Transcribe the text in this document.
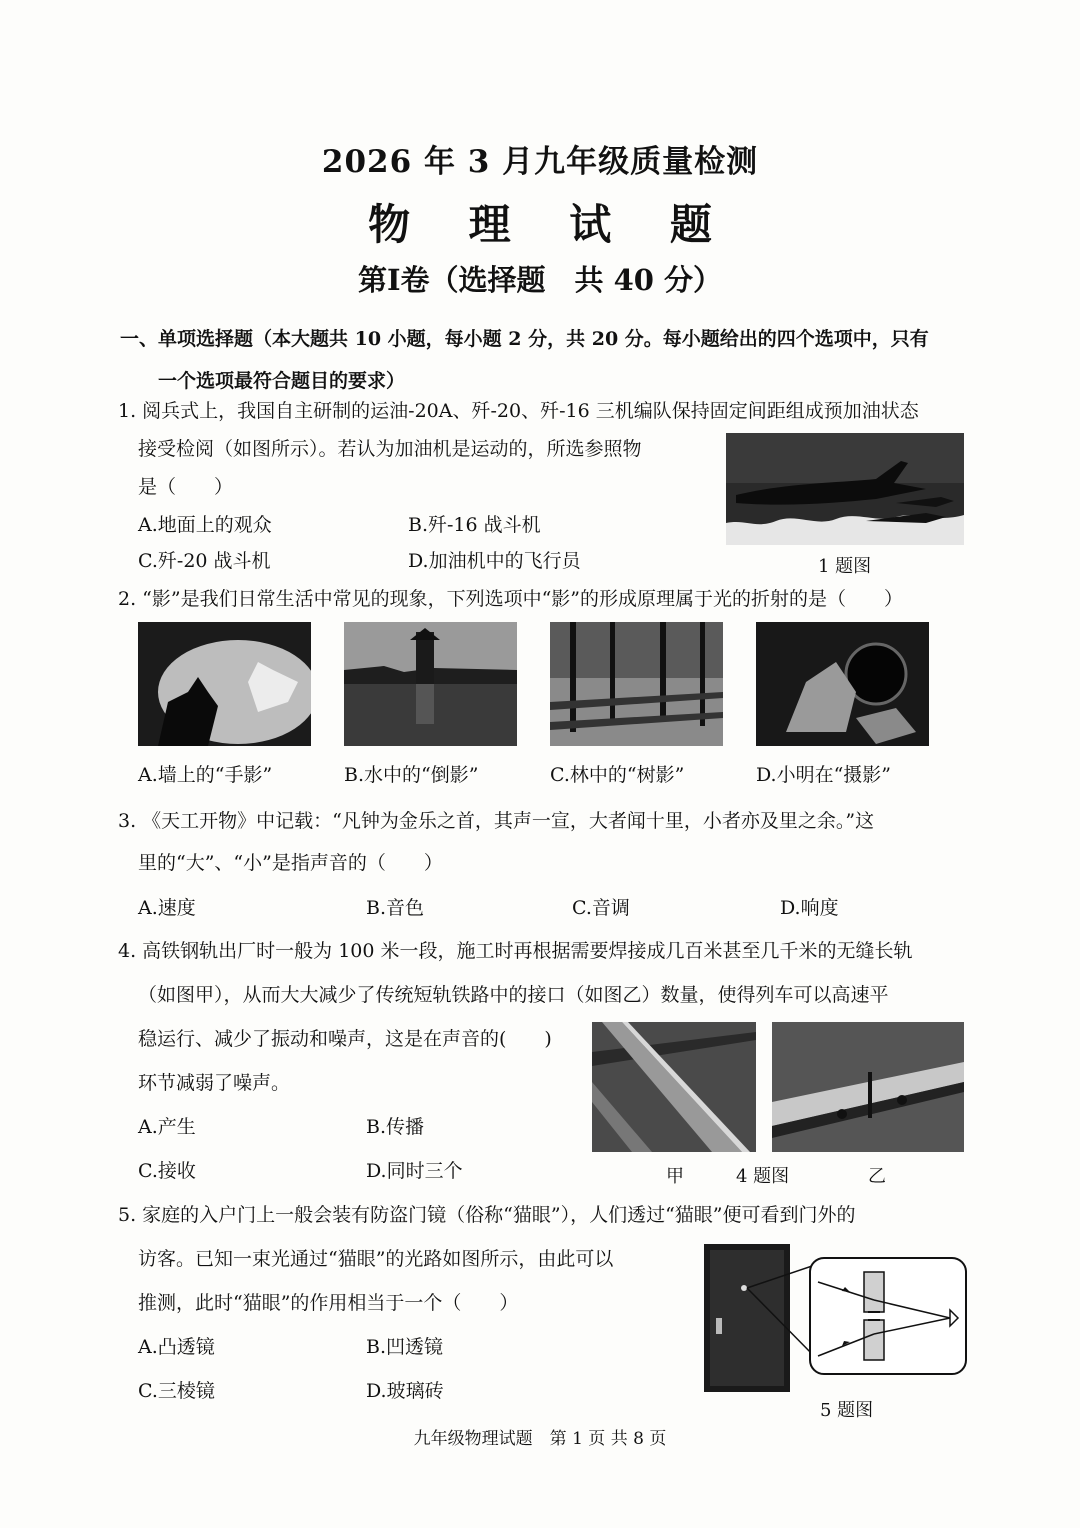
2026 年 3 月九年级质量检测
物 理 试 题
第Ⅰ卷（选择题　共 40 分）
一、单项选择题（本大题共 10 小题，每小题 2 分，共 20 分。每小题给出的四个选项中，只有
一个选项最符合题目的要求）
1. 阅兵式上，我国自主研制的运油-20A、歼-20、歼-16 三机编队保持固定间距组成预加油状态
接受检阅（如图所示）。若认为加油机是运动的，所选参照物
是（　　）
A.地面上的观众	B.歼-16 战斗机
C.歼-20 战斗机	D.加油机中的飞行员	1 题图
2. “影”是我们日常生活中常见的现象，下列选项中“影”的形成原理属于光的折射的是（　　）
A.墙上的“手影”	B.水中的“倒影”	C.林中的“树影”	D.小明在“摄影”
3. 《天工开物》中记载：“凡钟为金乐之首，其声一宣，大者闻十里，小者亦及里之余。”这
里的“大”、“小”是指声音的（　　）
A.速度	B.音色	C.音调	D.响度
4. 高铁钢轨出厂时一般为 100 米一段，施工时再根据需要焊接成几百米甚至几千米的无缝长轨
（如图甲），从而大大减少了传统短轨铁路中的接口（如图乙）数量，使得列车可以高速平
稳运行、减少了振动和噪声，这是在声音的(　　)
环节减弱了噪声。
A.产生	B.传播
C.接收	D.同时三个	甲	4 题图	乙
5. 家庭的入户门上一般会装有防盗门镜（俗称“猫眼”），人们透过“猫眼”便可看到门外的
访客。已知一束光通过“猫眼”的光路如图所示，由此可以
推测，此时“猫眼”的作用相当于一个（　　）
A.凸透镜	B.凹透镜
C.三棱镜	D.玻璃砖
5 题图
九年级物理试题　第 1 页 共 8 页
